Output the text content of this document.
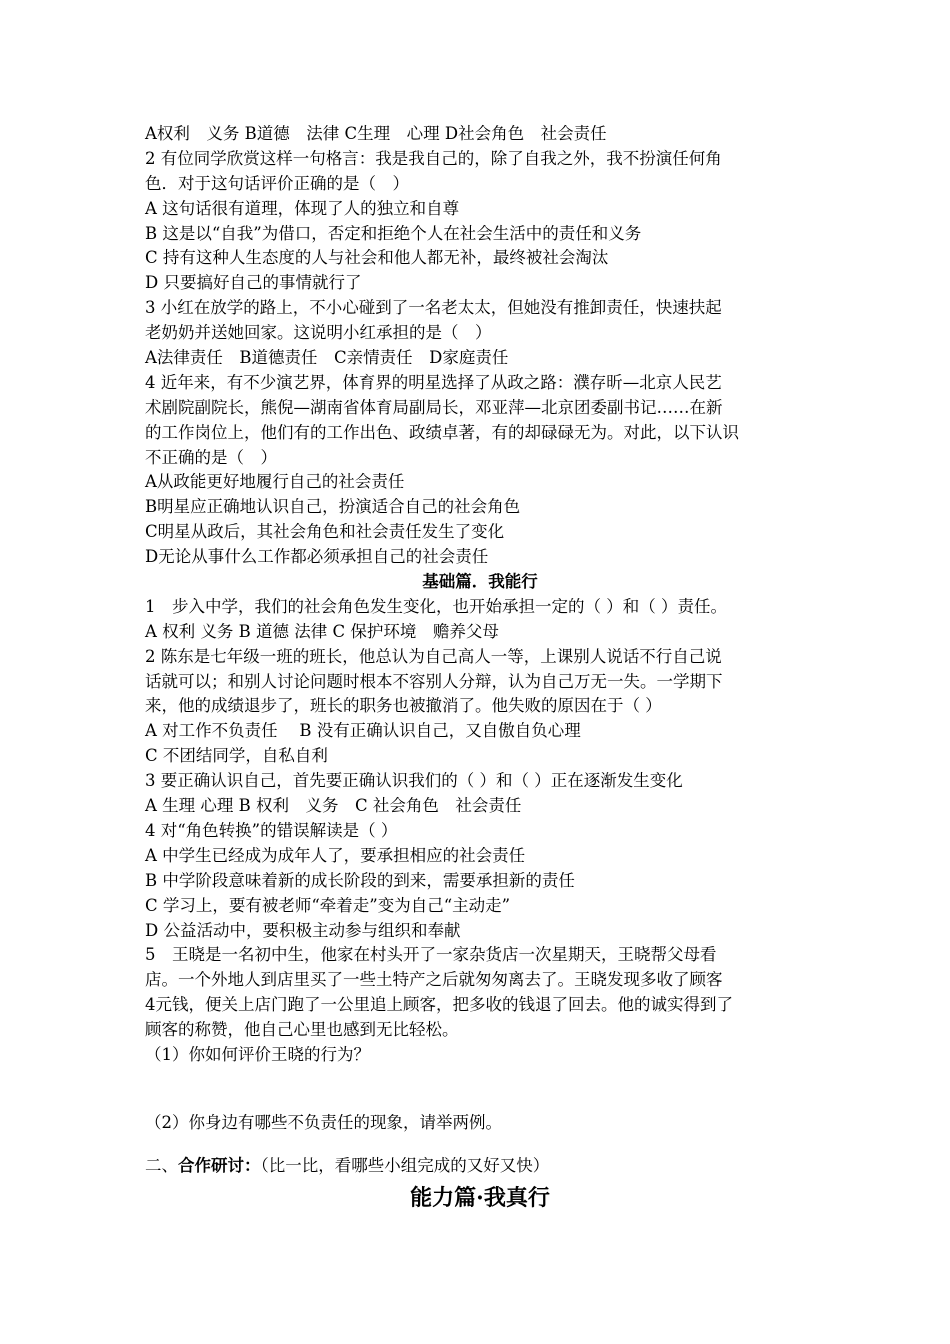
A权利　义务 B道德　法律 C生理　心理 D社会角色　社会责任
2 有位同学欣赏这样一句格言：我是我自己的，除了自我之外，我不扮演任何角
色．对于这句话评价正确的是（　）
A 这句话很有道理，体现了人的独立和自尊
B 这是以“自我”为借口，否定和拒绝个人在社会生活中的责任和义务
C 持有这种人生态度的人与社会和他人都无补，最终被社会淘汰
D 只要搞好自己的事情就行了
3 小红在放学的路上，不小心碰到了一名老太太，但她没有推卸责任，快速扶起
老奶奶并送她回家。这说明小红承担的是（　）
A法律责任　B道德责任　C亲情责任　D家庭责任
4 近年来，有不少演艺界，体育界的明星选择了从政之路：濮存昕—北京人民艺
术剧院副院长，熊倪—湖南省体育局副局长，邓亚萍—北京团委副书记……在新
的工作岗位上，他们有的工作出色、政绩卓著，有的却碌碌无为。对此，以下认识
不正确的是（　）
A从政能更好地履行自己的社会责任
B明星应正确地认识自己，扮演适合自己的社会角色
C明星从政后，其社会角色和社会责任发生了变化
D无论从事什么工作都必须承担自己的社会责任
基础篇．我能行
1　步入中学，我们的社会角色发生变化，也开始承担一定的（ ）和（ ）责任。
A 权利 义务 B 道德 法律 C 保护环境　赡养父母
2 陈东是七年级一班的班长，他总认为自己高人一等，上课别人说话不行自己说
话就可以；和别人讨论问题时根本不容别人分辩，认为自己万无一失。一学期下
来，他的成绩退步了，班长的职务也被撤消了。他失败的原因在于（ ）
A 对工作不负责任　 B 没有正确认识自己，又自傲自负心理
C 不团结同学，自私自利
3 要正确认识自己，首先要正确认识我们的（ ）和（ ）正在逐渐发生变化
A 生理 心理 B 权利　义务　C 社会角色　社会责任
4 对“角色转换”的错误解读是（ ）
A 中学生已经成为成年人了，要承担相应的社会责任
B 中学阶段意味着新的成长阶段的到来，需要承担新的责任
C 学习上，要有被老师“牵着走”变为自己“主动走”
D 公益活动中，要积极主动参与组织和奉献
5　王晓是一名初中生，他家在村头开了一家杂货店一次星期天，王晓帮父母看
店。一个外地人到店里买了一些土特产之后就匆匆离去了。王晓发现多收了顾客
4元钱，便关上店门跑了一公里追上顾客，把多收的钱退了回去。他的诚实得到了
顾客的称赞，他自己心里也感到无比轻松。
（1）你如何评价王晓的行为？
（2）你身边有哪些不负责任的现象，请举两例。
二、合作研讨：（比一比，看哪些小组完成的又好又快）
能力篇·我真行
